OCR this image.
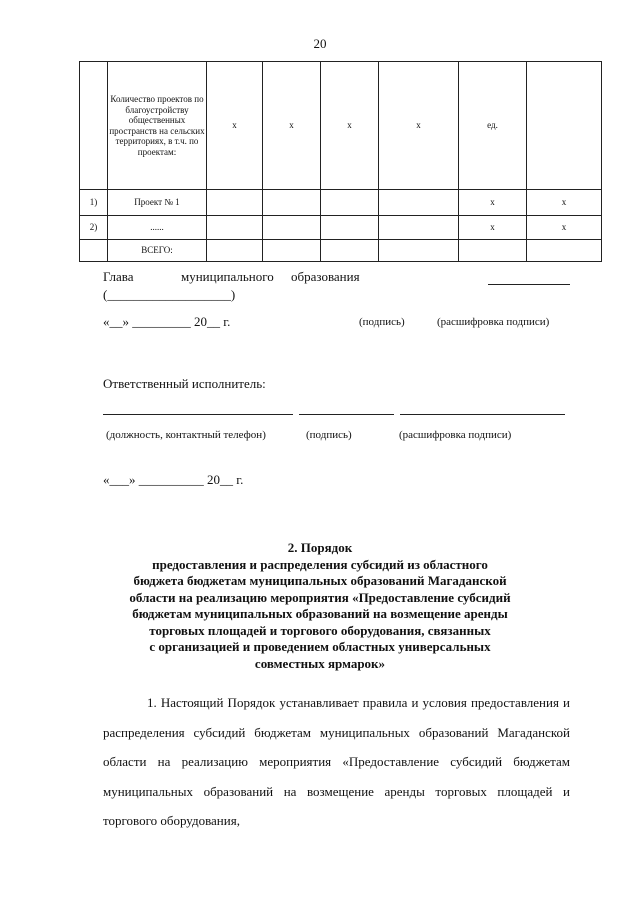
20
	Количество проектов по благоустройству общественных пространств на сельских территориях, в т.ч. по проектам:	x	x	x	x	ед.	
1)	Проект № 1					x	x
2)	......					x	x
	ВСЕГО:						
Глава	муниципального образования
(___________________)
«__» _________ 20__ г.	(подпись)	(расшифровка подписи)
Ответственный исполнитель:
(должность, контактный телефон)	(подпись)	(расшифровка подписи)
«___» __________ 20__ г.
2. Порядок
предоставления и распределения субсидий из областного
бюджета бюджетам муниципальных образований Магаданской
области на реализацию мероприятия «Предоставление субсидий
бюджетам муниципальных образований на возмещение аренды
торговых площадей и торгового оборудования, связанных
с организацией и проведением областных универсальных
совместных ярмарок»

1. Настоящий Порядок устанавливает правила и условия предоставления и распределения субсидий бюджетам муниципальных образований Магаданской области на реализацию мероприятия «Предоставление субсидий бюджетам муниципальных образований на возмещение аренды торговых площадей и торгового оборудования,
